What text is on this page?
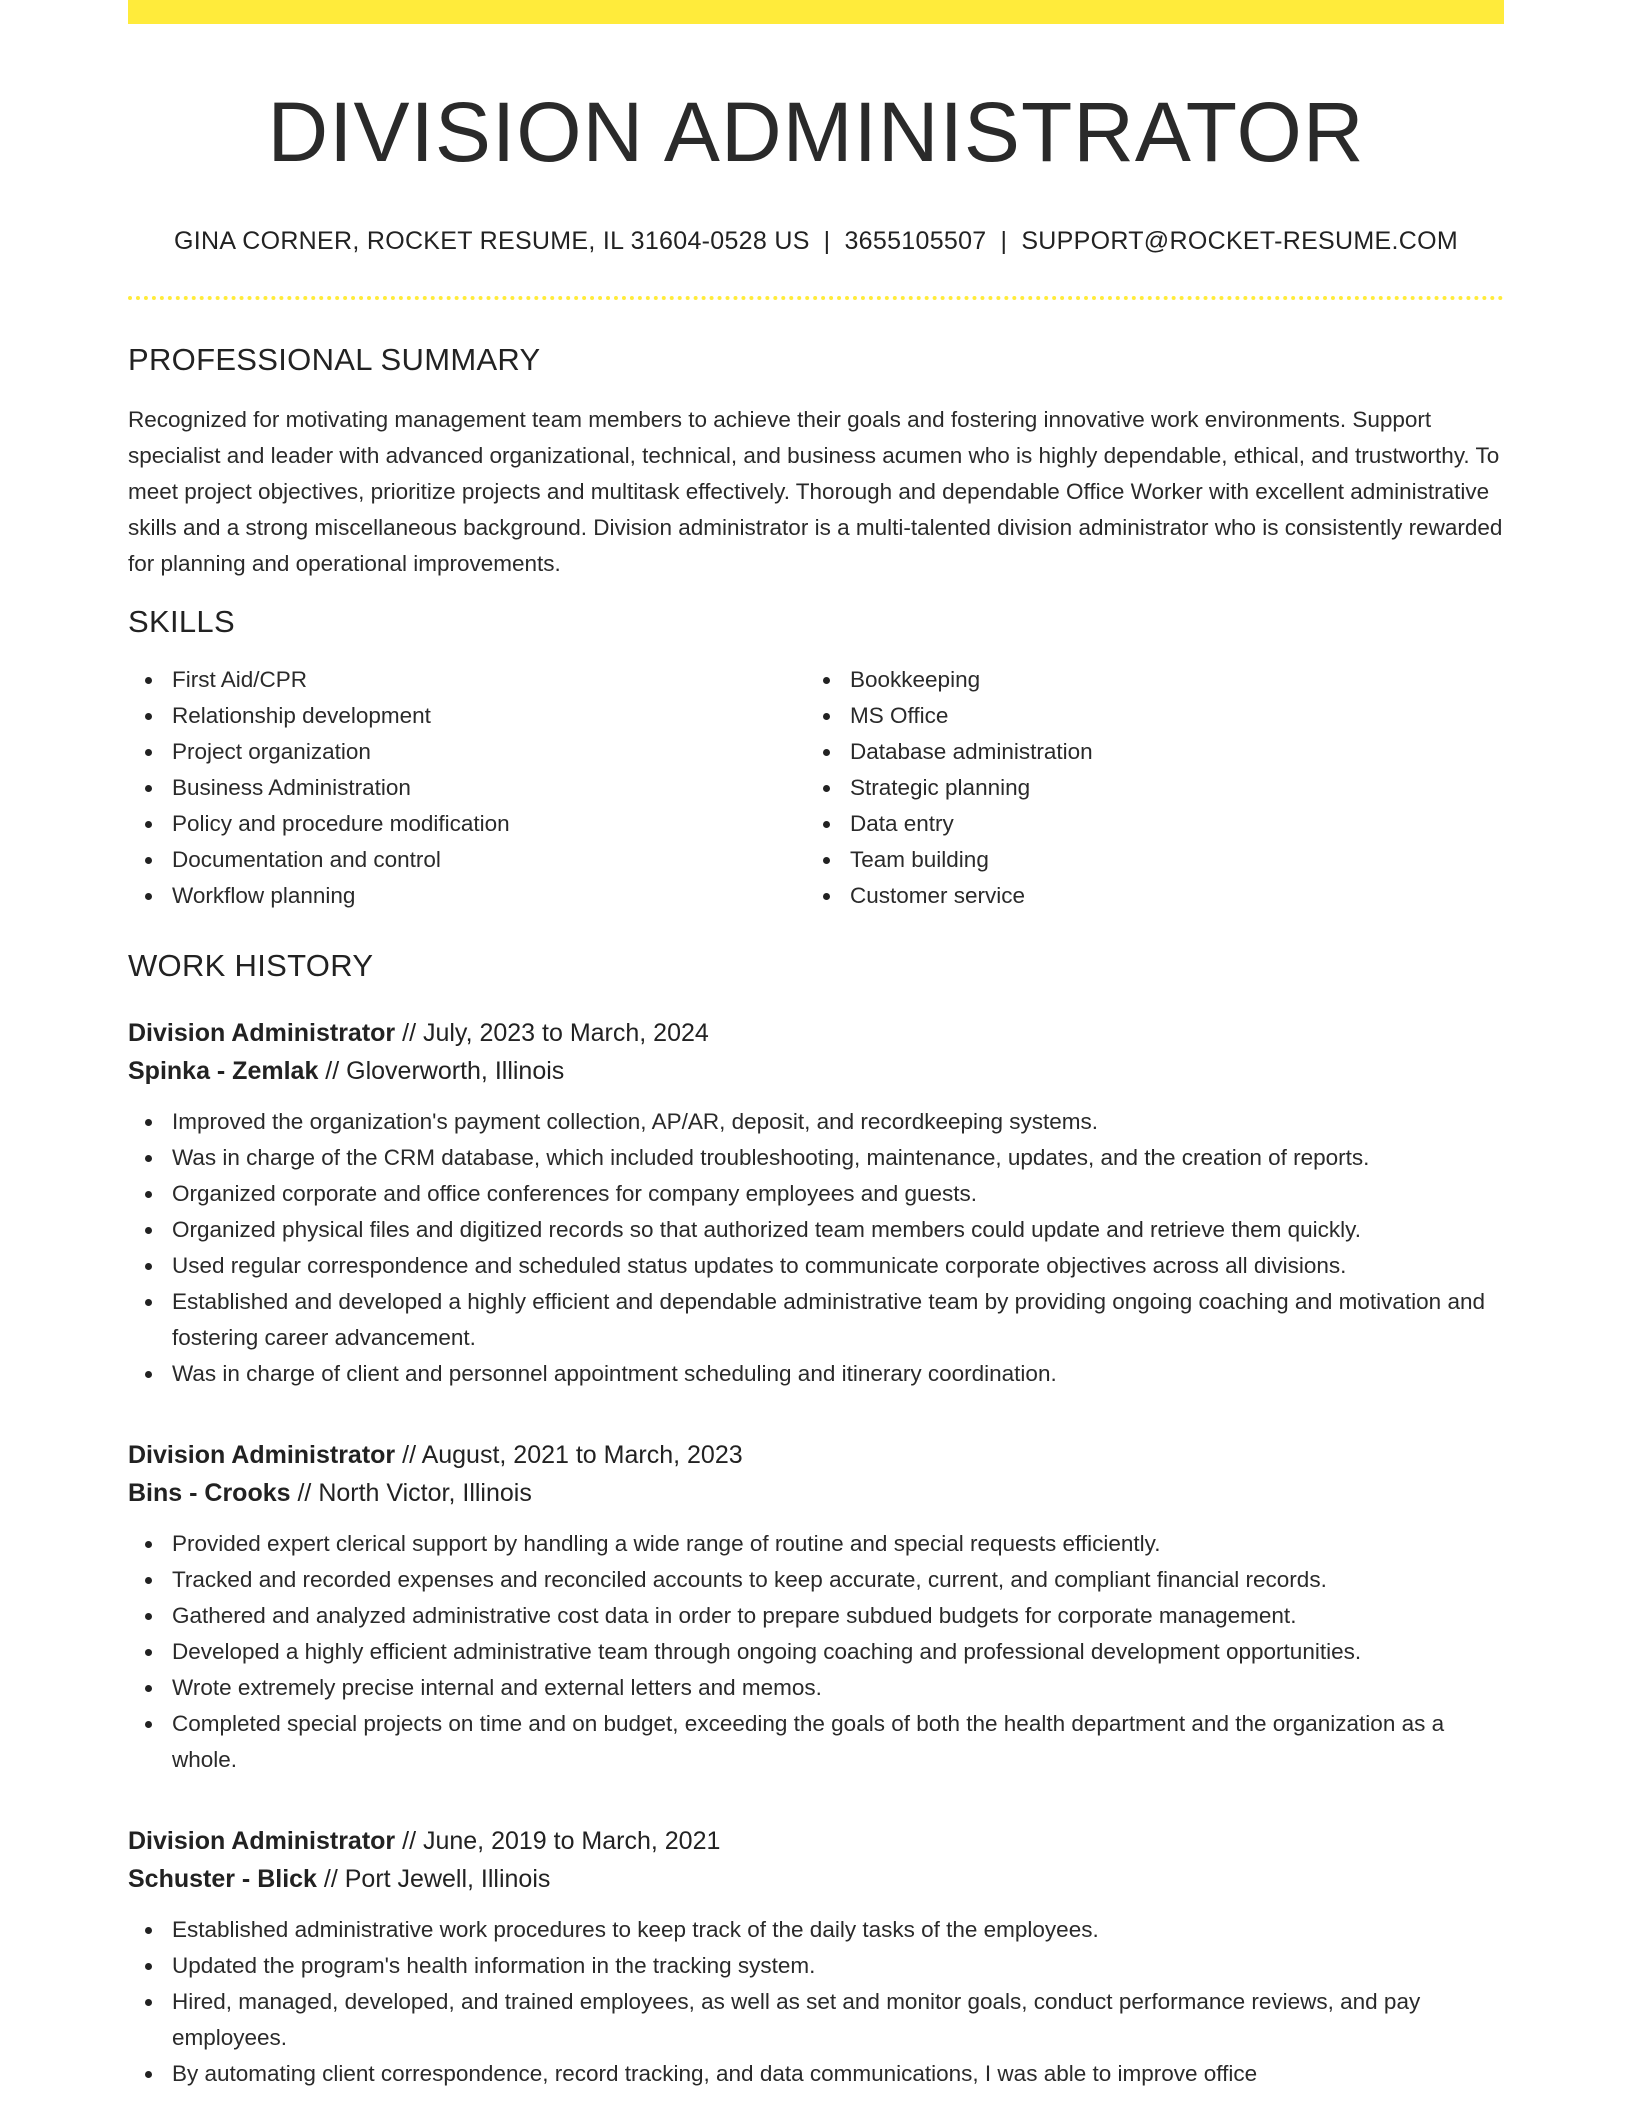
DIVISION ADMINISTRATOR
GINA CORNER, ROCKET RESUME, IL 31604-0528 US | 3655105507 | SUPPORT@ROCKET-RESUME.COM
PROFESSIONAL SUMMARY

Recognized for motivating management team members to achieve their goals and fostering innovative work environments. Support specialist and leader with advanced organizational, technical, and business acumen who is highly dependable, ethical, and trustworthy. To meet project objectives, prioritize projects and multitask effectively. Thorough and dependable Office Worker with excellent administrative skills and a strong miscellaneous background. Division administrator is a multi-talented division administrator who is consistently rewarded for planning and operational improvements.

SKILLS
First Aid/CPR
Relationship development
Project organization
Business Administration
Policy and procedure modification
Documentation and control
Workflow planning
Bookkeeping
MS Office
Database administration
Strategic planning
Data entry
Team building
Customer service
WORK HISTORY
Division Administrator // July, 2023 to March, 2024
Spinka - Zemlak // Gloverworth, Illinois
Improved the organization's payment collection, AP/AR, deposit, and recordkeeping systems.
Was in charge of the CRM database, which included troubleshooting, maintenance, updates, and the creation of reports.
Organized corporate and office conferences for company employees and guests.
Organized physical files and digitized records so that authorized team members could update and retrieve them quickly.
Used regular correspondence and scheduled status updates to communicate corporate objectives across all divisions.
Established and developed a highly efficient and dependable administrative team by providing ongoing coaching and motivation and fostering career advancement.
Was in charge of client and personnel appointment scheduling and itinerary coordination.
Division Administrator // August, 2021 to March, 2023
Bins - Crooks // North Victor, Illinois
Provided expert clerical support by handling a wide range of routine and special requests efficiently.
Tracked and recorded expenses and reconciled accounts to keep accurate, current, and compliant financial records.
Gathered and analyzed administrative cost data in order to prepare subdued budgets for corporate management.
Developed a highly efficient administrative team through ongoing coaching and professional development opportunities.
Wrote extremely precise internal and external letters and memos.
Completed special projects on time and on budget, exceeding the goals of both the health department and the organization as a whole.
Division Administrator // June, 2019 to March, 2021
Schuster - Blick // Port Jewell, Illinois
Established administrative work procedures to keep track of the daily tasks of the employees.
Updated the program's health information in the tracking system.
Hired, managed, developed, and trained employees, as well as set and monitor goals, conduct performance reviews, and pay employees.
By automating client correspondence, record tracking, and data communications, I was able to improve office
